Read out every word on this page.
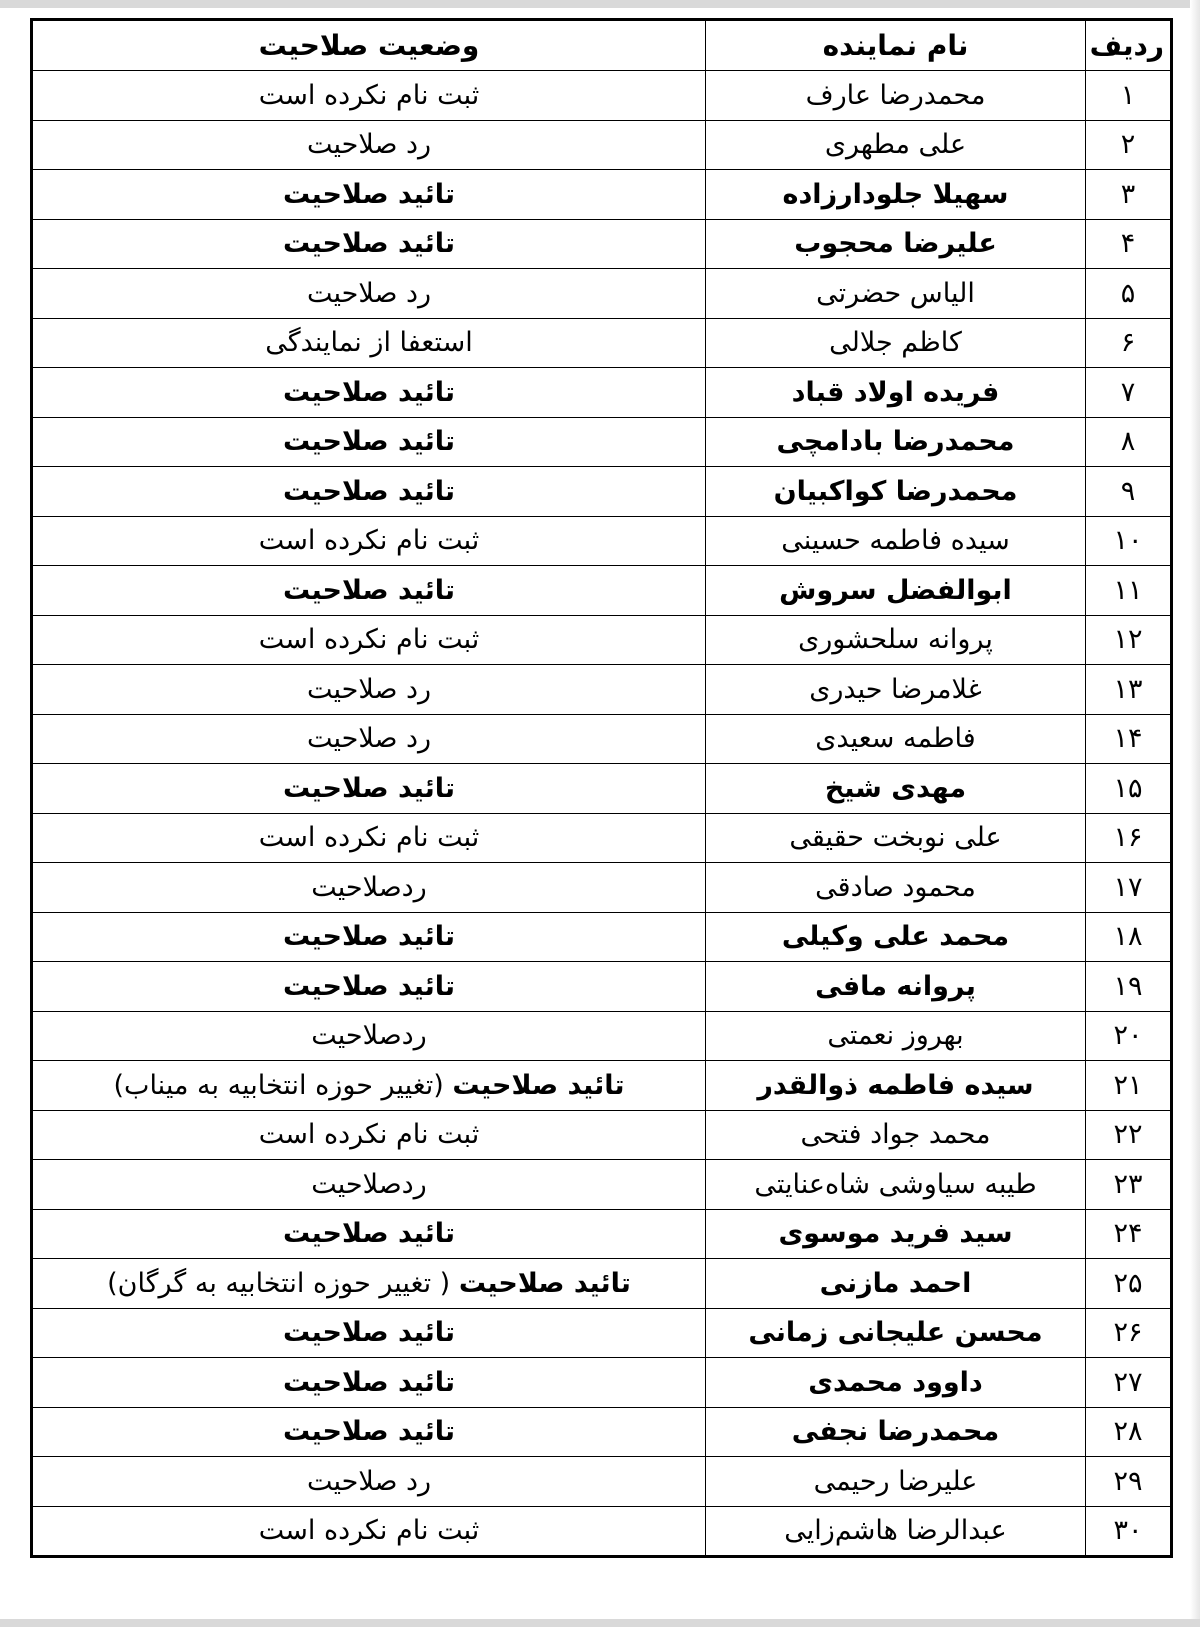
ردیف	نام نماینده	وضعیت صلاحیت
۱	محمدرضا عارف	ثبت نام نکرده است
۲	علی مطهری	رد صلاحیت
۳	سهیلا جلودارزاده	تائید صلاحیت
۴	علیرضا محجوب	تائید صلاحیت
۵	الیاس حضرتی	رد صلاحیت
۶	کاظم جلالی	استعفا از نمایندگی
۷	فریده اولاد قباد	تائید صلاحیت
۸	محمدرضا بادامچی	تائید صلاحیت
۹	محمدرضا کواکبیان	تائید صلاحیت
۱۰	سیده فاطمه حسینی	ثبت نام نکرده است
۱۱	ابوالفضل سروش	تائید صلاحیت
۱۲	پروانه سلحشوری	ثبت نام نکرده است
۱۳	غلامرضا حیدری	رد صلاحیت
۱۴	فاطمه سعیدی	رد صلاحیت
۱۵	مهدی شیخ	تائید صلاحیت
۱۶	علی نوبخت حقیقی	ثبت نام نکرده است
۱۷	محمود صادقی	ردصلاحیت
۱۸	محمد علی وکیلی	تائید صلاحیت
۱۹	پروانه مافی	تائید صلاحیت
۲۰	بهروز نعمتی	ردصلاحیت
۲۱	سیده فاطمه ذوالقدر	تائید صلاحیت (تغییر حوزه انتخابیه به میناب)
۲۲	محمد جواد فتحی	ثبت نام نکرده است
۲۳	طیبه سیاوشی شاه‌عنایتی	ردصلاحیت
۲۴	سید فرید موسوی	تائید صلاحیت
۲۵	احمد مازنی	تائید صلاحیت ( تغییر حوزه انتخابیه به گرگان)
۲۶	محسن علیجانی زمانی	تائید صلاحیت
۲۷	داوود محمدی	تائید صلاحیت
۲۸	محمدرضا نجفی	تائید صلاحیت
۲۹	علیرضا رحیمی	رد صلاحیت
۳۰	عبدالرضا هاشم‌زایی	ثبت نام نکرده است
